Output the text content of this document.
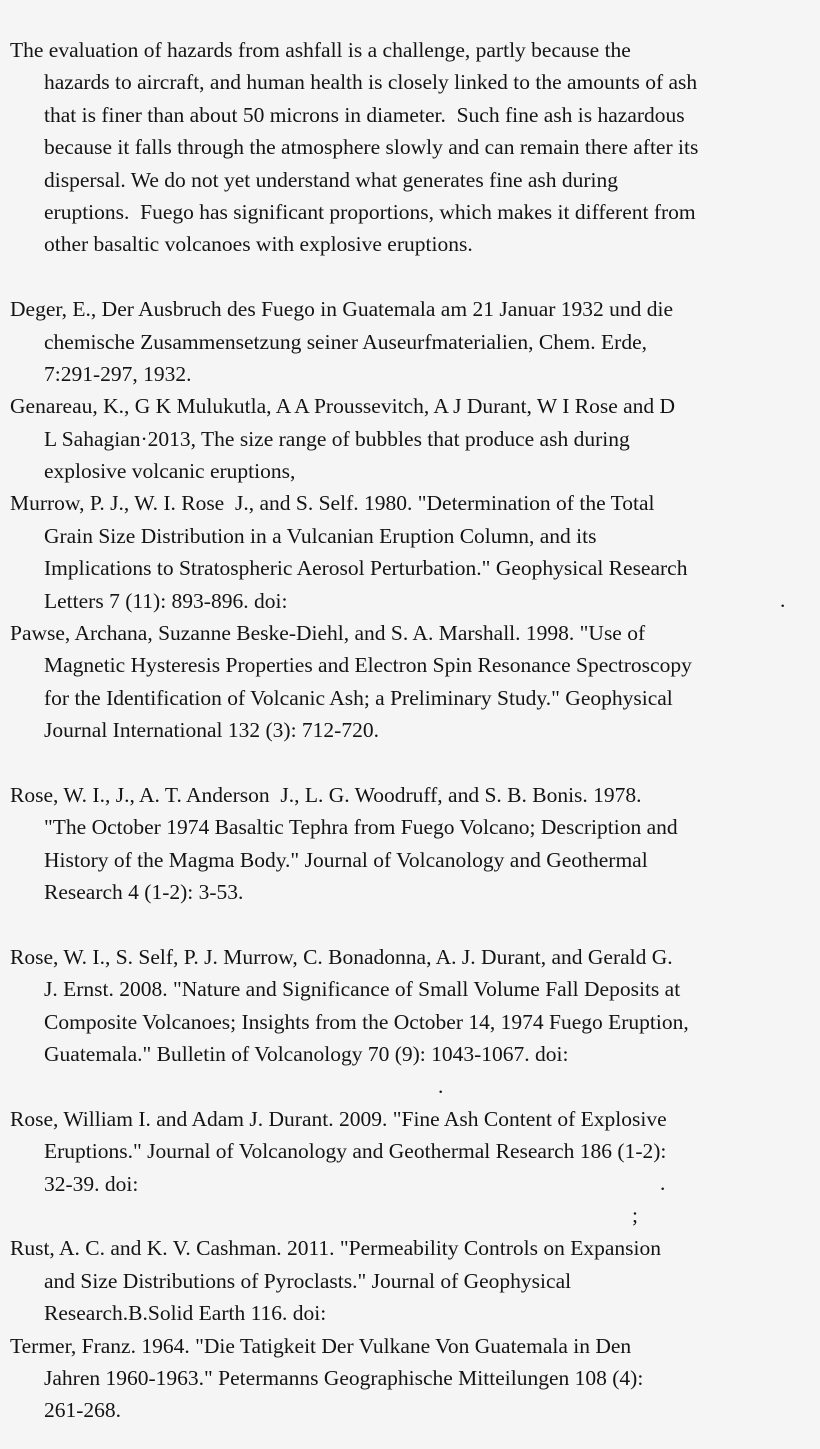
The evaluation of hazards from ashfall is a challenge, partly because the
hazards to aircraft, and human health is closely linked to the amounts of ash
that is finer than about 50 microns in diameter.  Such fine ash is hazardous
because it falls through the atmosphere slowly and can remain there after its
dispersal. We do not yet understand what generates fine ash during
eruptions.  Fuego has significant proportions, which makes it different from
other basaltic volcanoes with explosive eruptions.
Deger, E., Der Ausbruch des Fuego in Guatemala am 21 Januar 1932 und die
chemische Zusammensetzung seiner Auseurfmaterialien, Chem. Erde,
7:291-297, 1932.
Genareau, K., G K Mulukutla, A A Proussevitch, A J Durant, W I Rose and D
L Sahagian·2013, The size range of bubbles that produce ash during
explosive volcanic eruptions,
Murrow, P. J., W. I. Rose  J., and S. Self. 1980. "Determination of the Total
Grain Size Distribution in a Vulcanian Eruption Column, and its
Implications to Stratospheric Aerosol Perturbation." Geophysical Research
Letters 7 (11): 893-896. doi:
Pawse, Archana, Suzanne Beske-Diehl, and S. A. Marshall. 1998. "Use of
Magnetic Hysteresis Properties and Electron Spin Resonance Spectroscopy
for the Identification of Volcanic Ash; a Preliminary Study." Geophysical
Journal International 132 (3): 712-720.
Rose, W. I., J., A. T. Anderson  J., L. G. Woodruff, and S. B. Bonis. 1978.
"The October 1974 Basaltic Tephra from Fuego Volcano; Description and
History of the Magma Body." Journal of Volcanology and Geothermal
Research 4 (1-2): 3-53.
Rose, W. I., S. Self, P. J. Murrow, C. Bonadonna, A. J. Durant, and Gerald G.
J. Ernst. 2008. "Nature and Significance of Small Volume Fall Deposits at
Composite Volcanoes; Insights from the October 14, 1974 Fuego Eruption,
Guatemala." Bulletin of Volcanology 70 (9): 1043-1067. doi:
Rose, William I. and Adam J. Durant. 2009. "Fine Ash Content of Explosive
Eruptions." Journal of Volcanology and Geothermal Research 186 (1-2):
32-39. doi:
Rust, A. C. and K. V. Cashman. 2011. "Permeability Controls on Expansion
and Size Distributions of Pyroclasts." Journal of Geophysical
Research.B.Solid Earth 116. doi:
Termer, Franz. 1964. "Die Tatigkeit Der Vulkane Von Guatemala in Den
Jahren 1960-1963." Petermanns Geographische Mitteilungen 108 (4):
261-268.
.
.
.
;
